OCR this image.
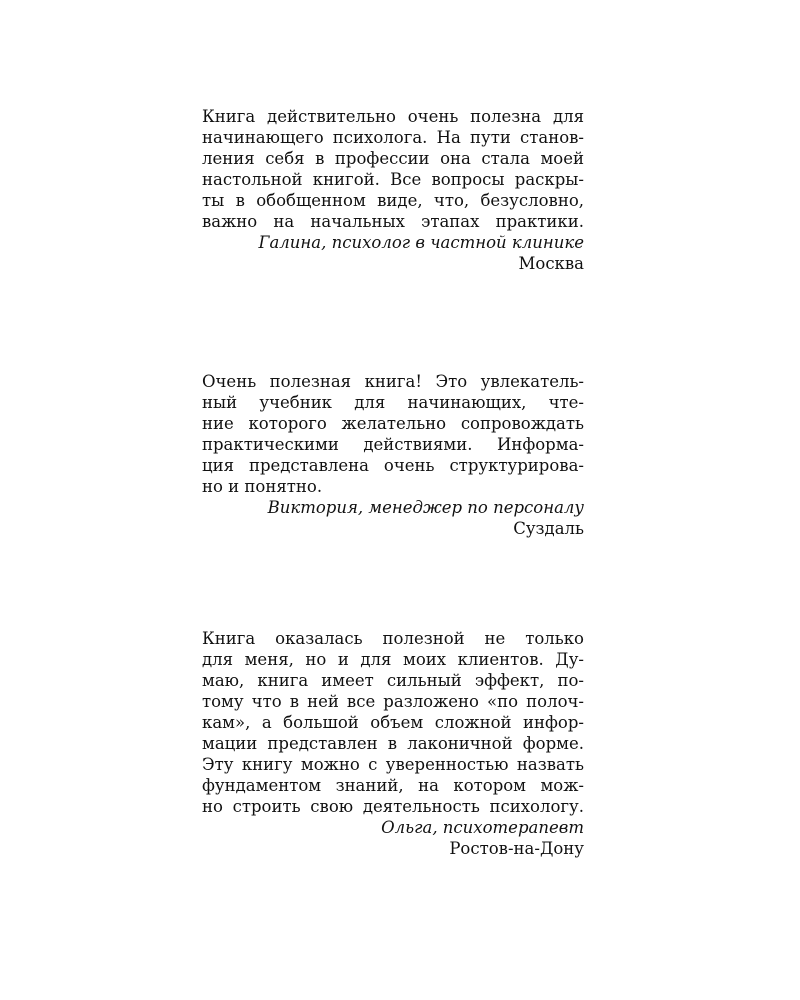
Книга действительно очень полезна для
начинающего психолога. На пути станов-
ления себя в профессии она стала моей
настольной книгой. Все вопросы раскры-
ты в обобщенном виде, что, безусловно,
важно на начальных этапах практики.
Галина, психолог в частной клинике
Москва
Очень полезная книга! Это увлекатель-
ный учебник для начинающих, чте-
ние которого желательно сопровождать
практическими действиями. Информа-
ция представлена очень структурирова-
но и понятно.
Виктория, менеджер по персоналу
Суздаль
Книга оказалась полезной не только
для меня, но и для моих клиентов. Ду-
маю, книга имеет сильный эффект, по-
тому что в ней все разложено «по полоч-
кам», а большой объем сложной инфор-
мации представлен в лаконичной форме.
Эту книгу можно с уверенностью назвать
фундаментом знаний, на котором мож-
но строить свою деятельность психологу.
Ольга, психотерапевт
Ростов-на-Дону
